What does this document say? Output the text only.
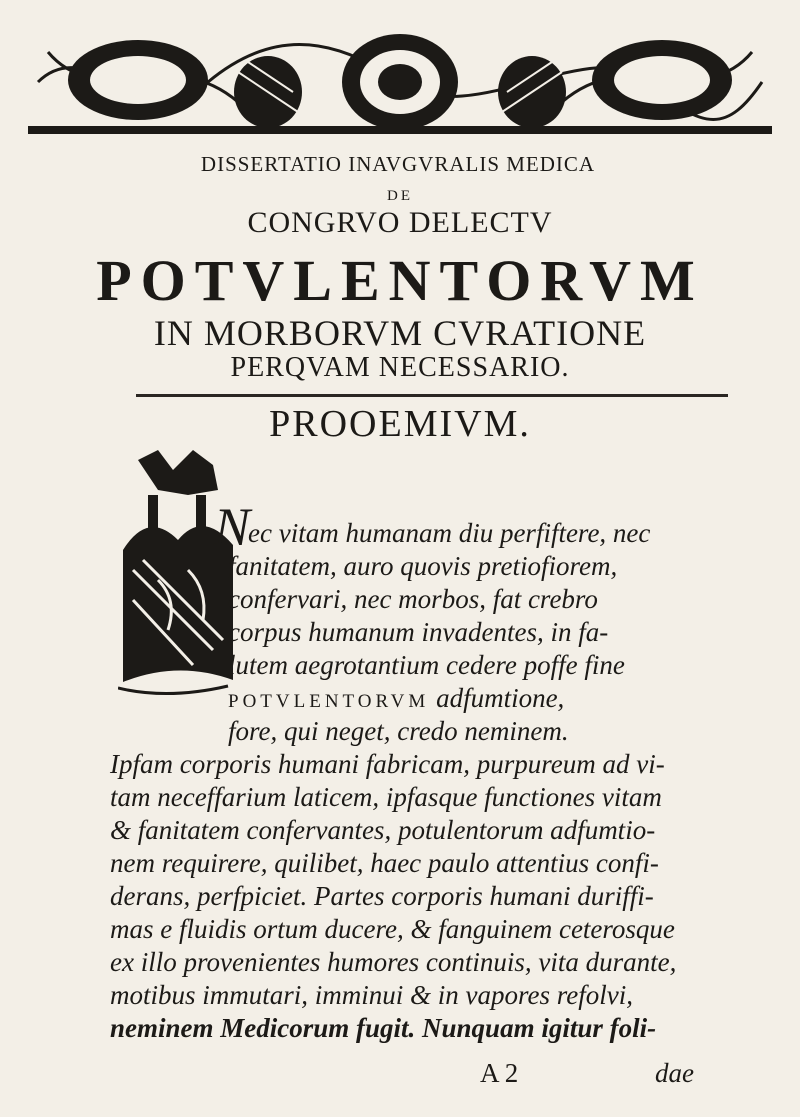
DISSERTATIO INAVGVRALIS MEDICA
DE
CONGRVO DELECTV
POTVLENTORVM
IN MORBORVM CVRATIONE
PERQVAM NECESSARIO.
PROOEMIVM.
N
ec vitam humanam diu perfiftere, nec
fanitatem, auro quovis pretiofiorem,
confervari, nec morbos, fat crebro
corpus humanum invadentes, in fa-
lutem aegrotantium cedere poffe fine
POTVLENTORVM adfumtione,
fore, qui neget, credo neminem.
Ipfam corporis humani fabricam, purpureum ad vi-
tam neceffarium laticem, ipfasque functiones vitam
& fanitatem confervantes, potulentorum adfumtio-
nem requirere, quilibet, haec paulo attentius confi-
derans, perfpiciet. Partes corporis humani duriffi-
mas e fluidis ortum ducere, & fanguinem ceterosque
ex illo provenientes humores continuis, vita durante,
motibus immutari, imminui & in vapores refolvi,
neminem Medicorum fugit. Nunquam igitur foli-
A 2	dae
